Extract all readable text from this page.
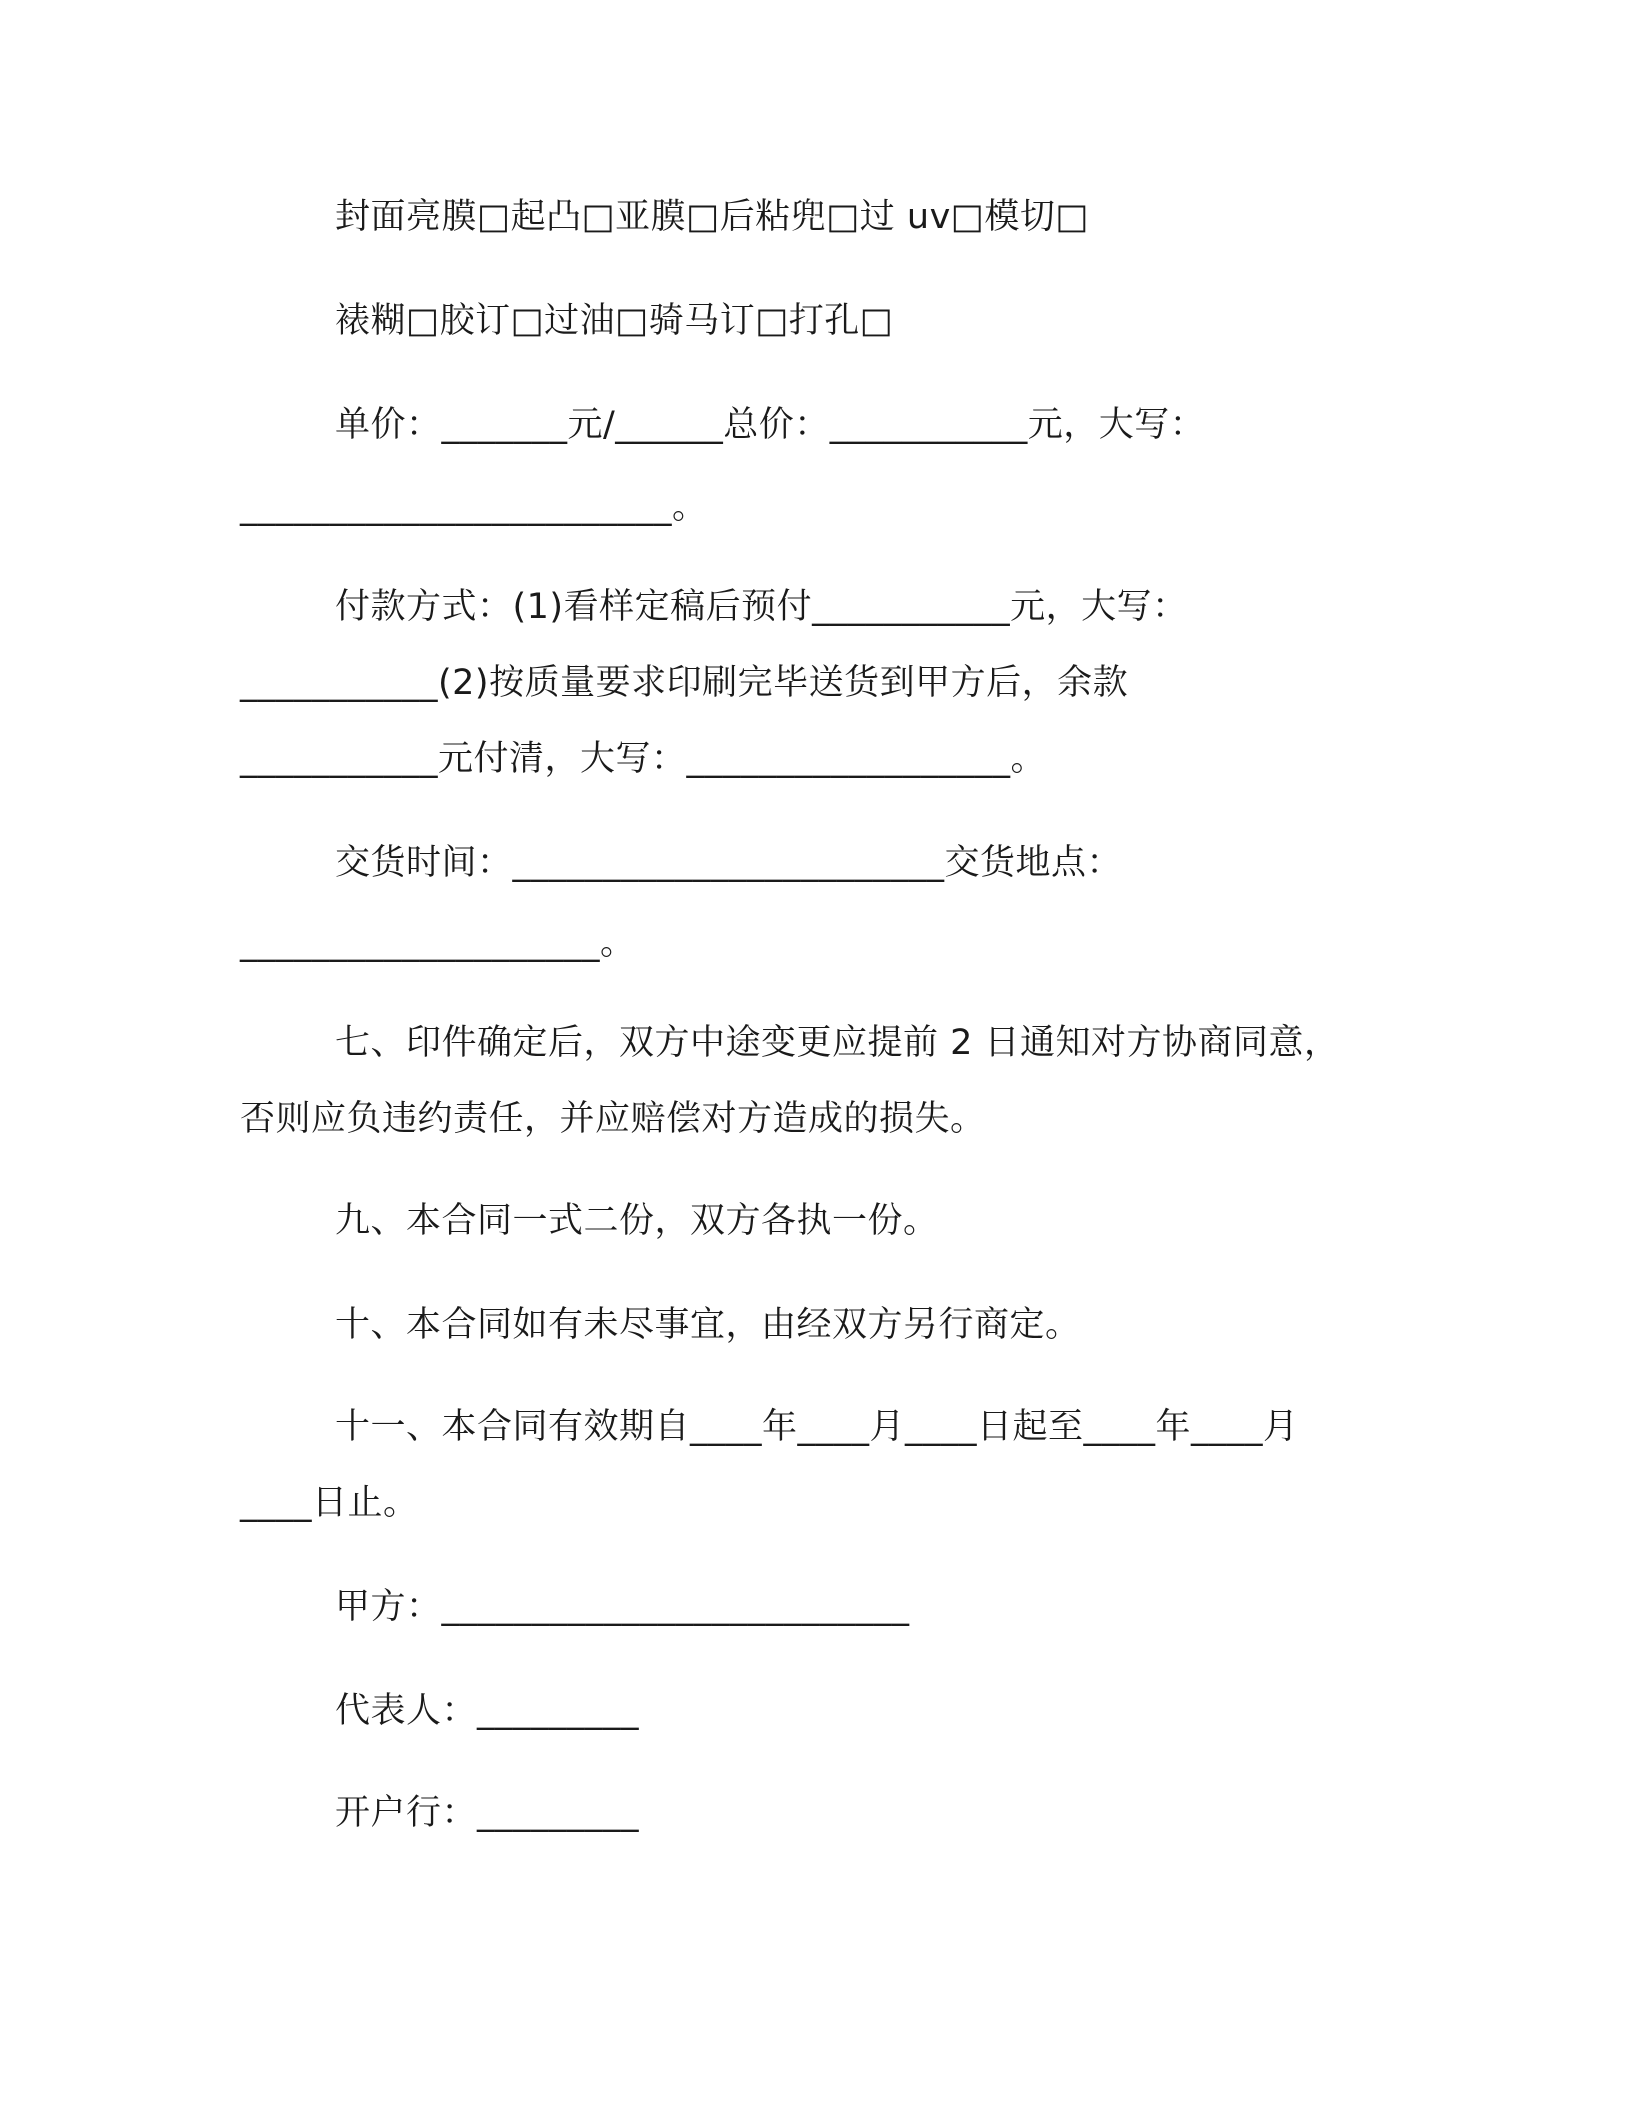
封面亮膜□起凸□亚膜□后粘兜□过 uv□模切□
裱糊□胶订□过油□骑马订□打孔□
单价：_______元/______总价：___________元，大写：
________________________。
付款方式：(1)看样定稿后预付___________元，大写：
___________(2)按质量要求印刷完毕送货到甲方后，余款
___________元付清，大写：__________________。
交货时间：________________________交货地点：
____________________。
七、印件确定后，双方中途变更应提前 2 日通知对方协商同意，
否则应负违约责任，并应赔偿对方造成的损失。
九、本合同一式二份，双方各执一份。
十、本合同如有未尽事宜，由经双方另行商定。
十一、本合同有效期自____年____月____日起至____年____月
____日止。
甲方：__________________________
代表人：_________
开户行：_________
